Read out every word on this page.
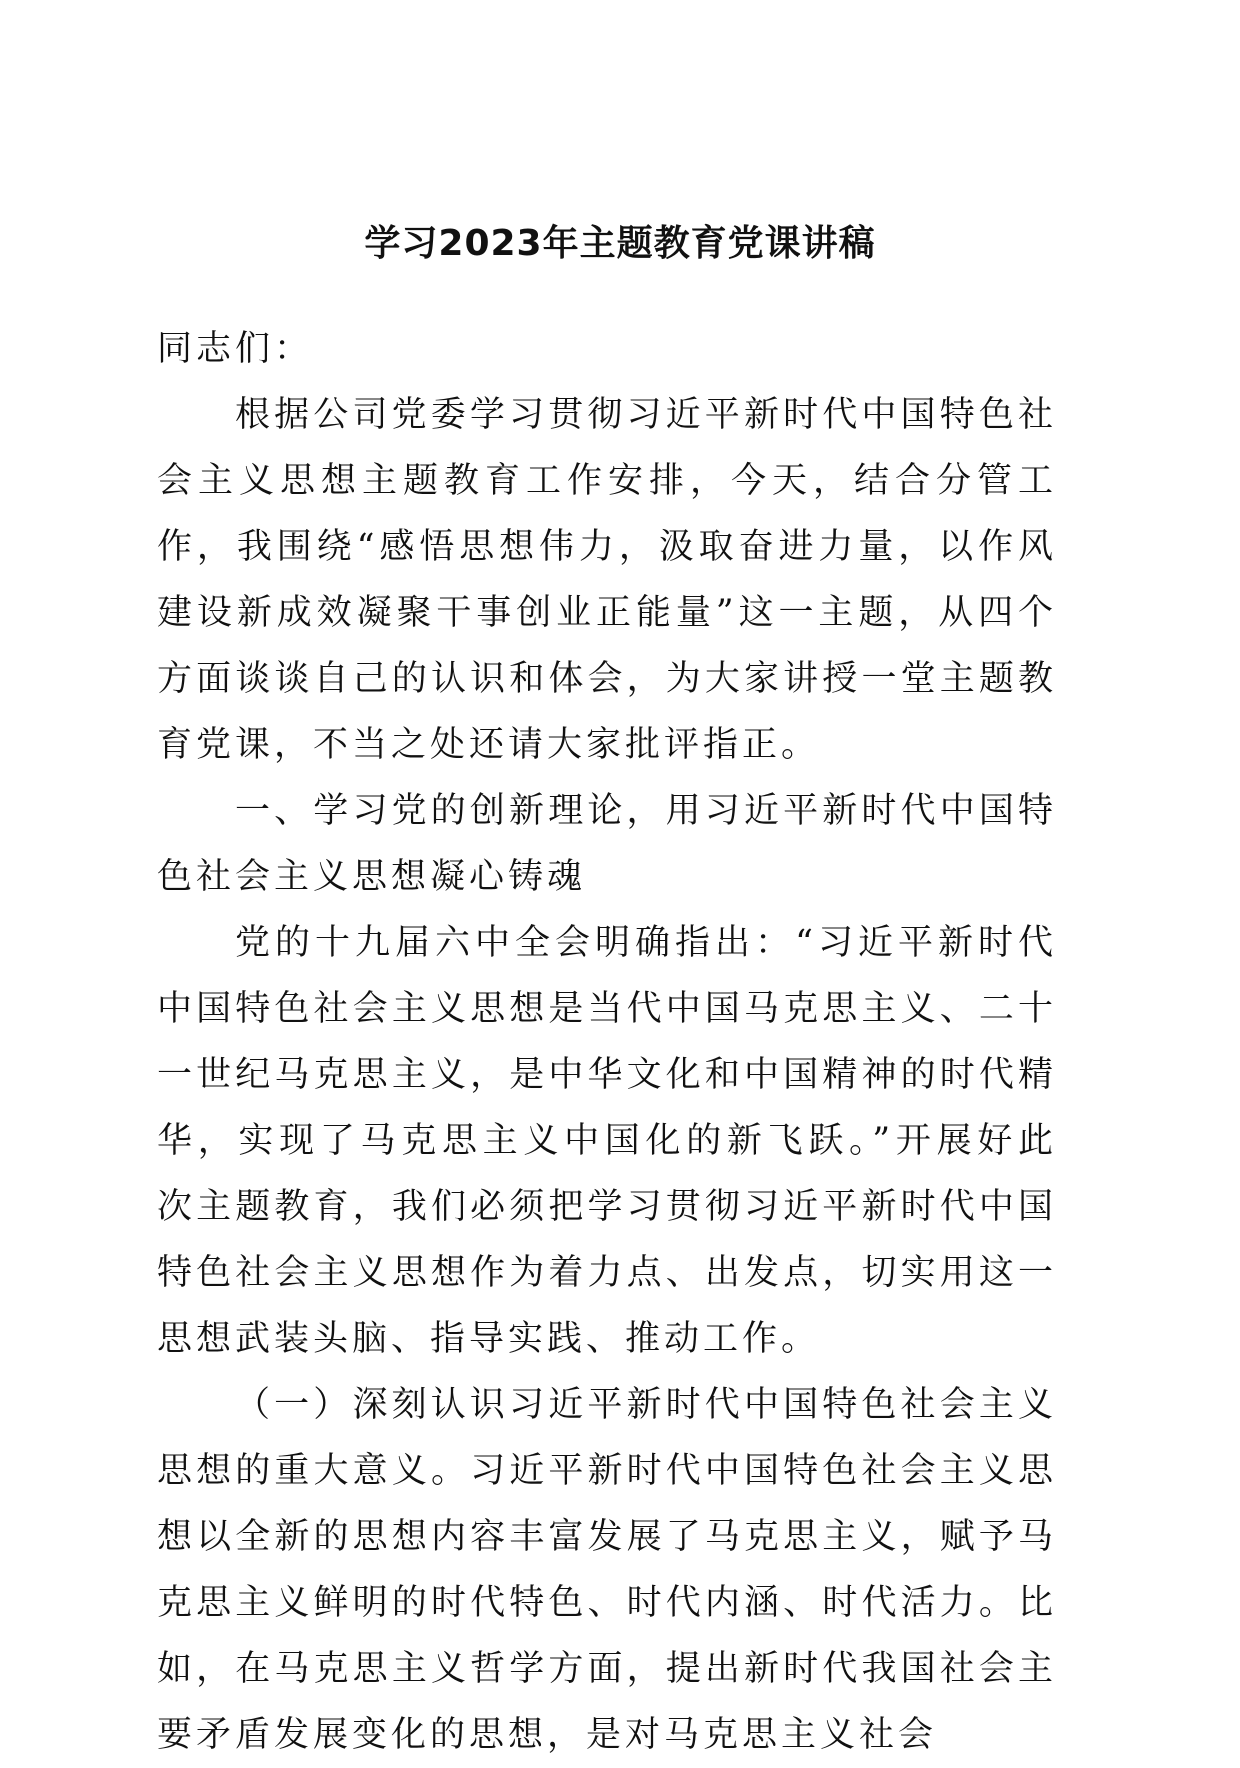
学习2023年主题教育党课讲稿

同志们：

根据公司党委学习贯彻习近平新时代中国特色社会主义思想主题教育工作安排，今天，结合分管工作，我围绕“感悟思想伟力，汲取奋进力量，以作风建设新成效凝聚干事创业正能量”这一主题，从四个方面谈谈自己的认识和体会，为大家讲授一堂主题教育党课，不当之处还请大家批评指正。

一、学习党的创新理论，用习近平新时代中国特色社会主义思想凝心铸魂

党的十九届六中全会明确指出：“习近平新时代中国特色社会主义思想是当代中国马克思主义、二十一世纪马克思主义，是中华文化和中国精神的时代精华，实现了马克思主义中国化的新飞跃。”开展好此次主题教育，我们必须把学习贯彻习近平新时代中国特色社会主义思想作为着力点、出发点，切实用这一思想武装头脑、指导实践、推动工作。

（一）深刻认识习近平新时代中国特色社会主义思想的重大意义。习近平新时代中国特色社会主义思想以全新的思想内容丰富发展了马克思主义，赋予马克思主义鲜明的时代特色、时代内涵、时代活力。比如，在马克思主义哲学方面，提出新时代我国社会主要矛盾发展变化的思想，是对马克思主义社会
